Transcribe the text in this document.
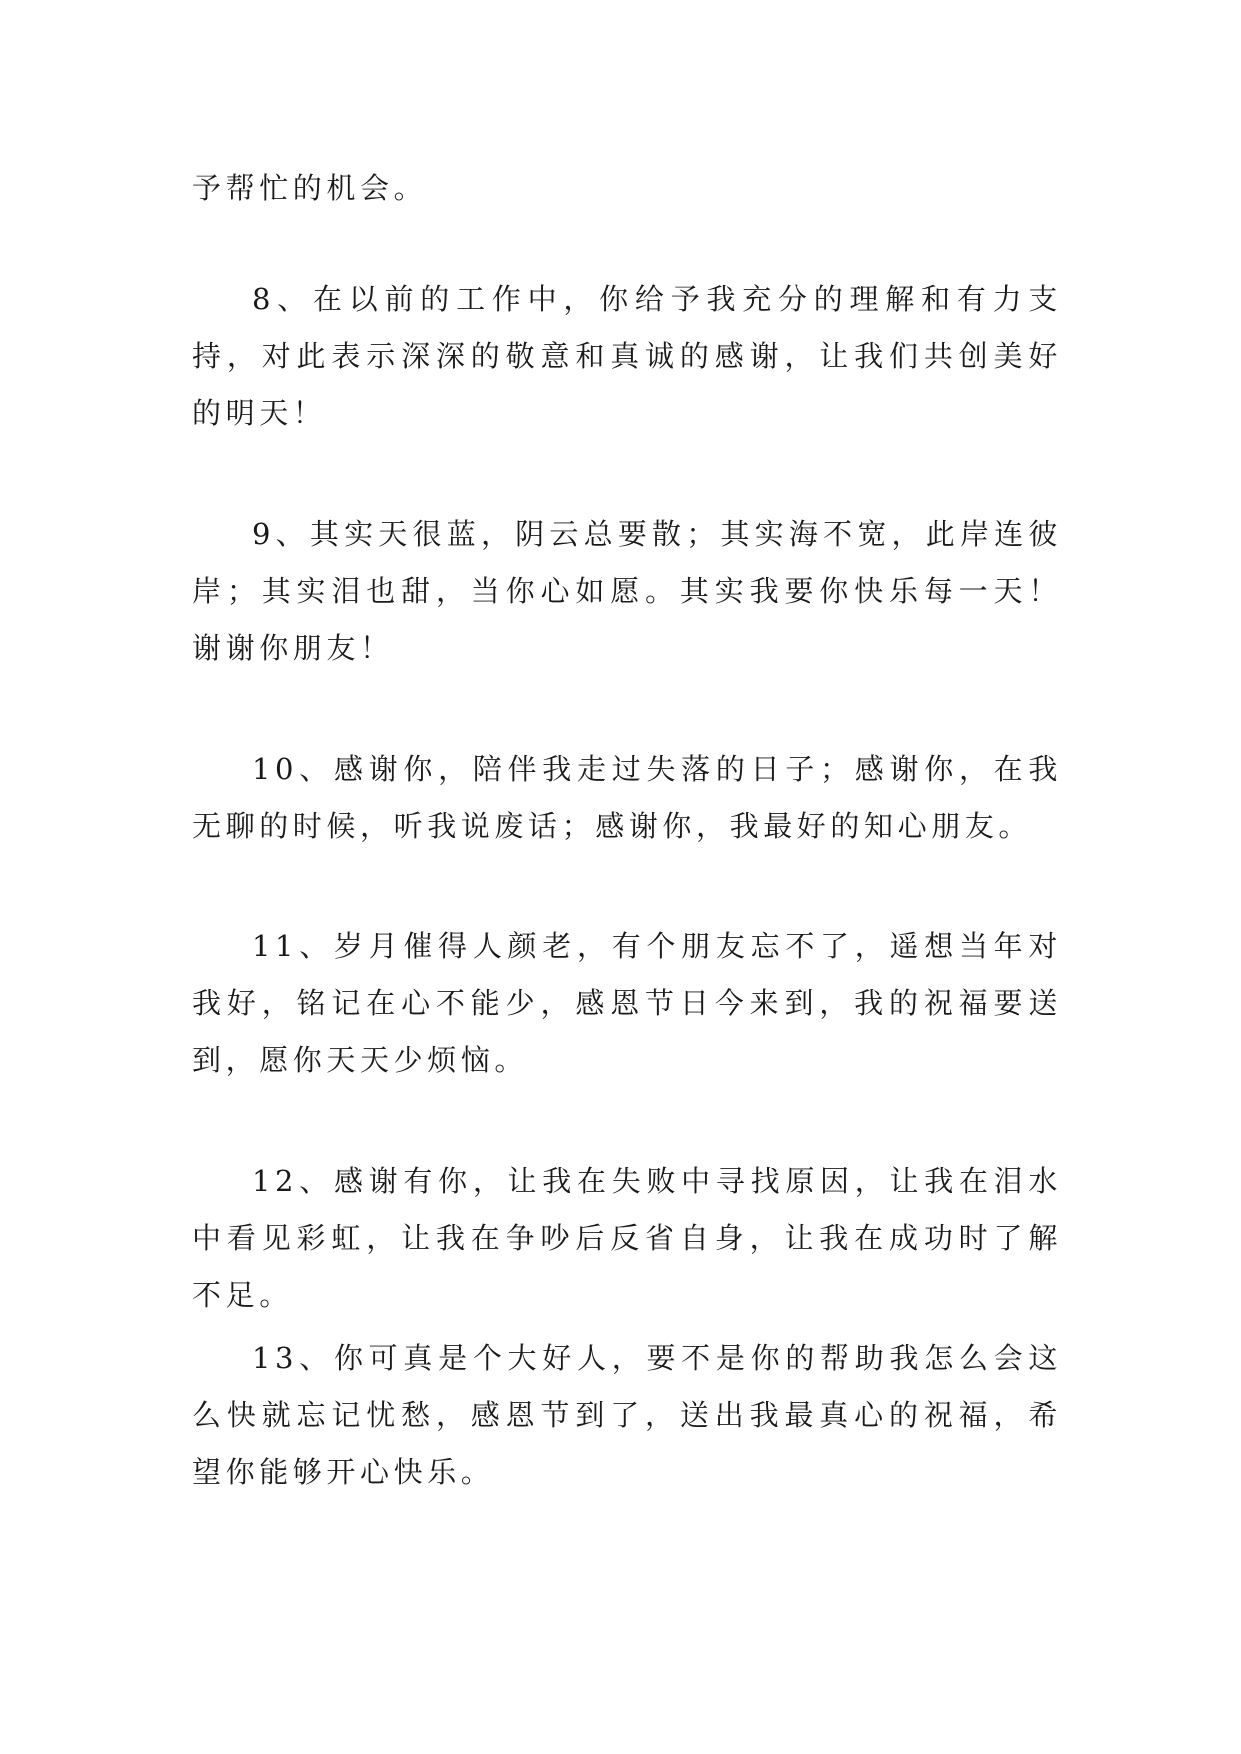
予帮忙的机会。

8、在以前的工作中，你给予我充分的理解和有力支持，对此表示深深的敬意和真诚的感谢，让我们共创美好的明天！

9、其实天很蓝，阴云总要散；其实海不宽，此岸连彼岸；其实泪也甜，当你心如愿。其实我要你快乐每一天！谢谢你朋友！

10、感谢你，陪伴我走过失落的日子；感谢你，在我无聊的时候，听我说废话；感谢你，我最好的知心朋友。

11、岁月催得人颜老，有个朋友忘不了，遥想当年对我好，铭记在心不能少，感恩节日今来到，我的祝福要送到，愿你天天少烦恼。

12、感谢有你，让我在失败中寻找原因，让我在泪水中看见彩虹，让我在争吵后反省自身，让我在成功时了解不足。

13、你可真是个大好人，要不是你的帮助我怎么会这么快就忘记忧愁，感恩节到了，送出我最真心的祝福，希望你能够开心快乐。
